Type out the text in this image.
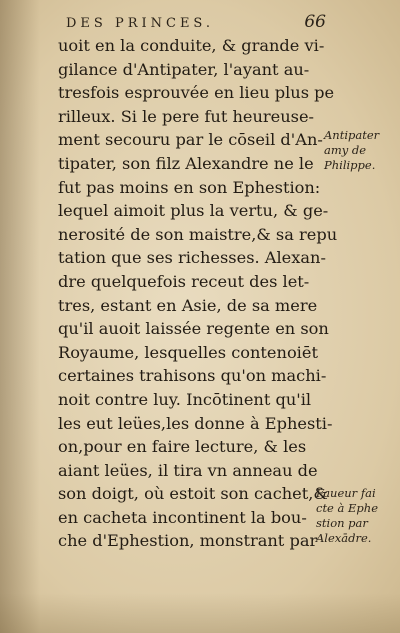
DES PRINCES.	66
uoit en la conduite, & grande vi-
gilance d'Antipater, l'ayant au-
tresfois esprouvée en lieu plus pe
rilleux. Si le pere fut heureuse-
ment secouru par le cōseil d'An-
tipater, son filz Alexandre ne le
fut pas moins en son Ephestion:
lequel aimoit plus la vertu, & ge-
nerosité de son maistre,& sa repu
tation que ses richesses. Alexan-
dre quelquefois receut des let-
tres, estant en Asie, de sa mere
qu'il auoit laissée regente en son
Royaume, lesquelles contenoiēt
certaines trahisons qu'on machi-
noit contre luy. Incōtinent qu'il
les eut leües,les donne à Ephesti-
on,pour en faire lecture, & les
aiant leües, il tira vn anneau de
son doigt, où estoit son cachet,&
en cacheta incontinent la bou-
che d'Ephestion, monstrant par
Antipater
amy de
Philippe.
Faueur fai
cte à Ephe
stion par
Alexādre.
